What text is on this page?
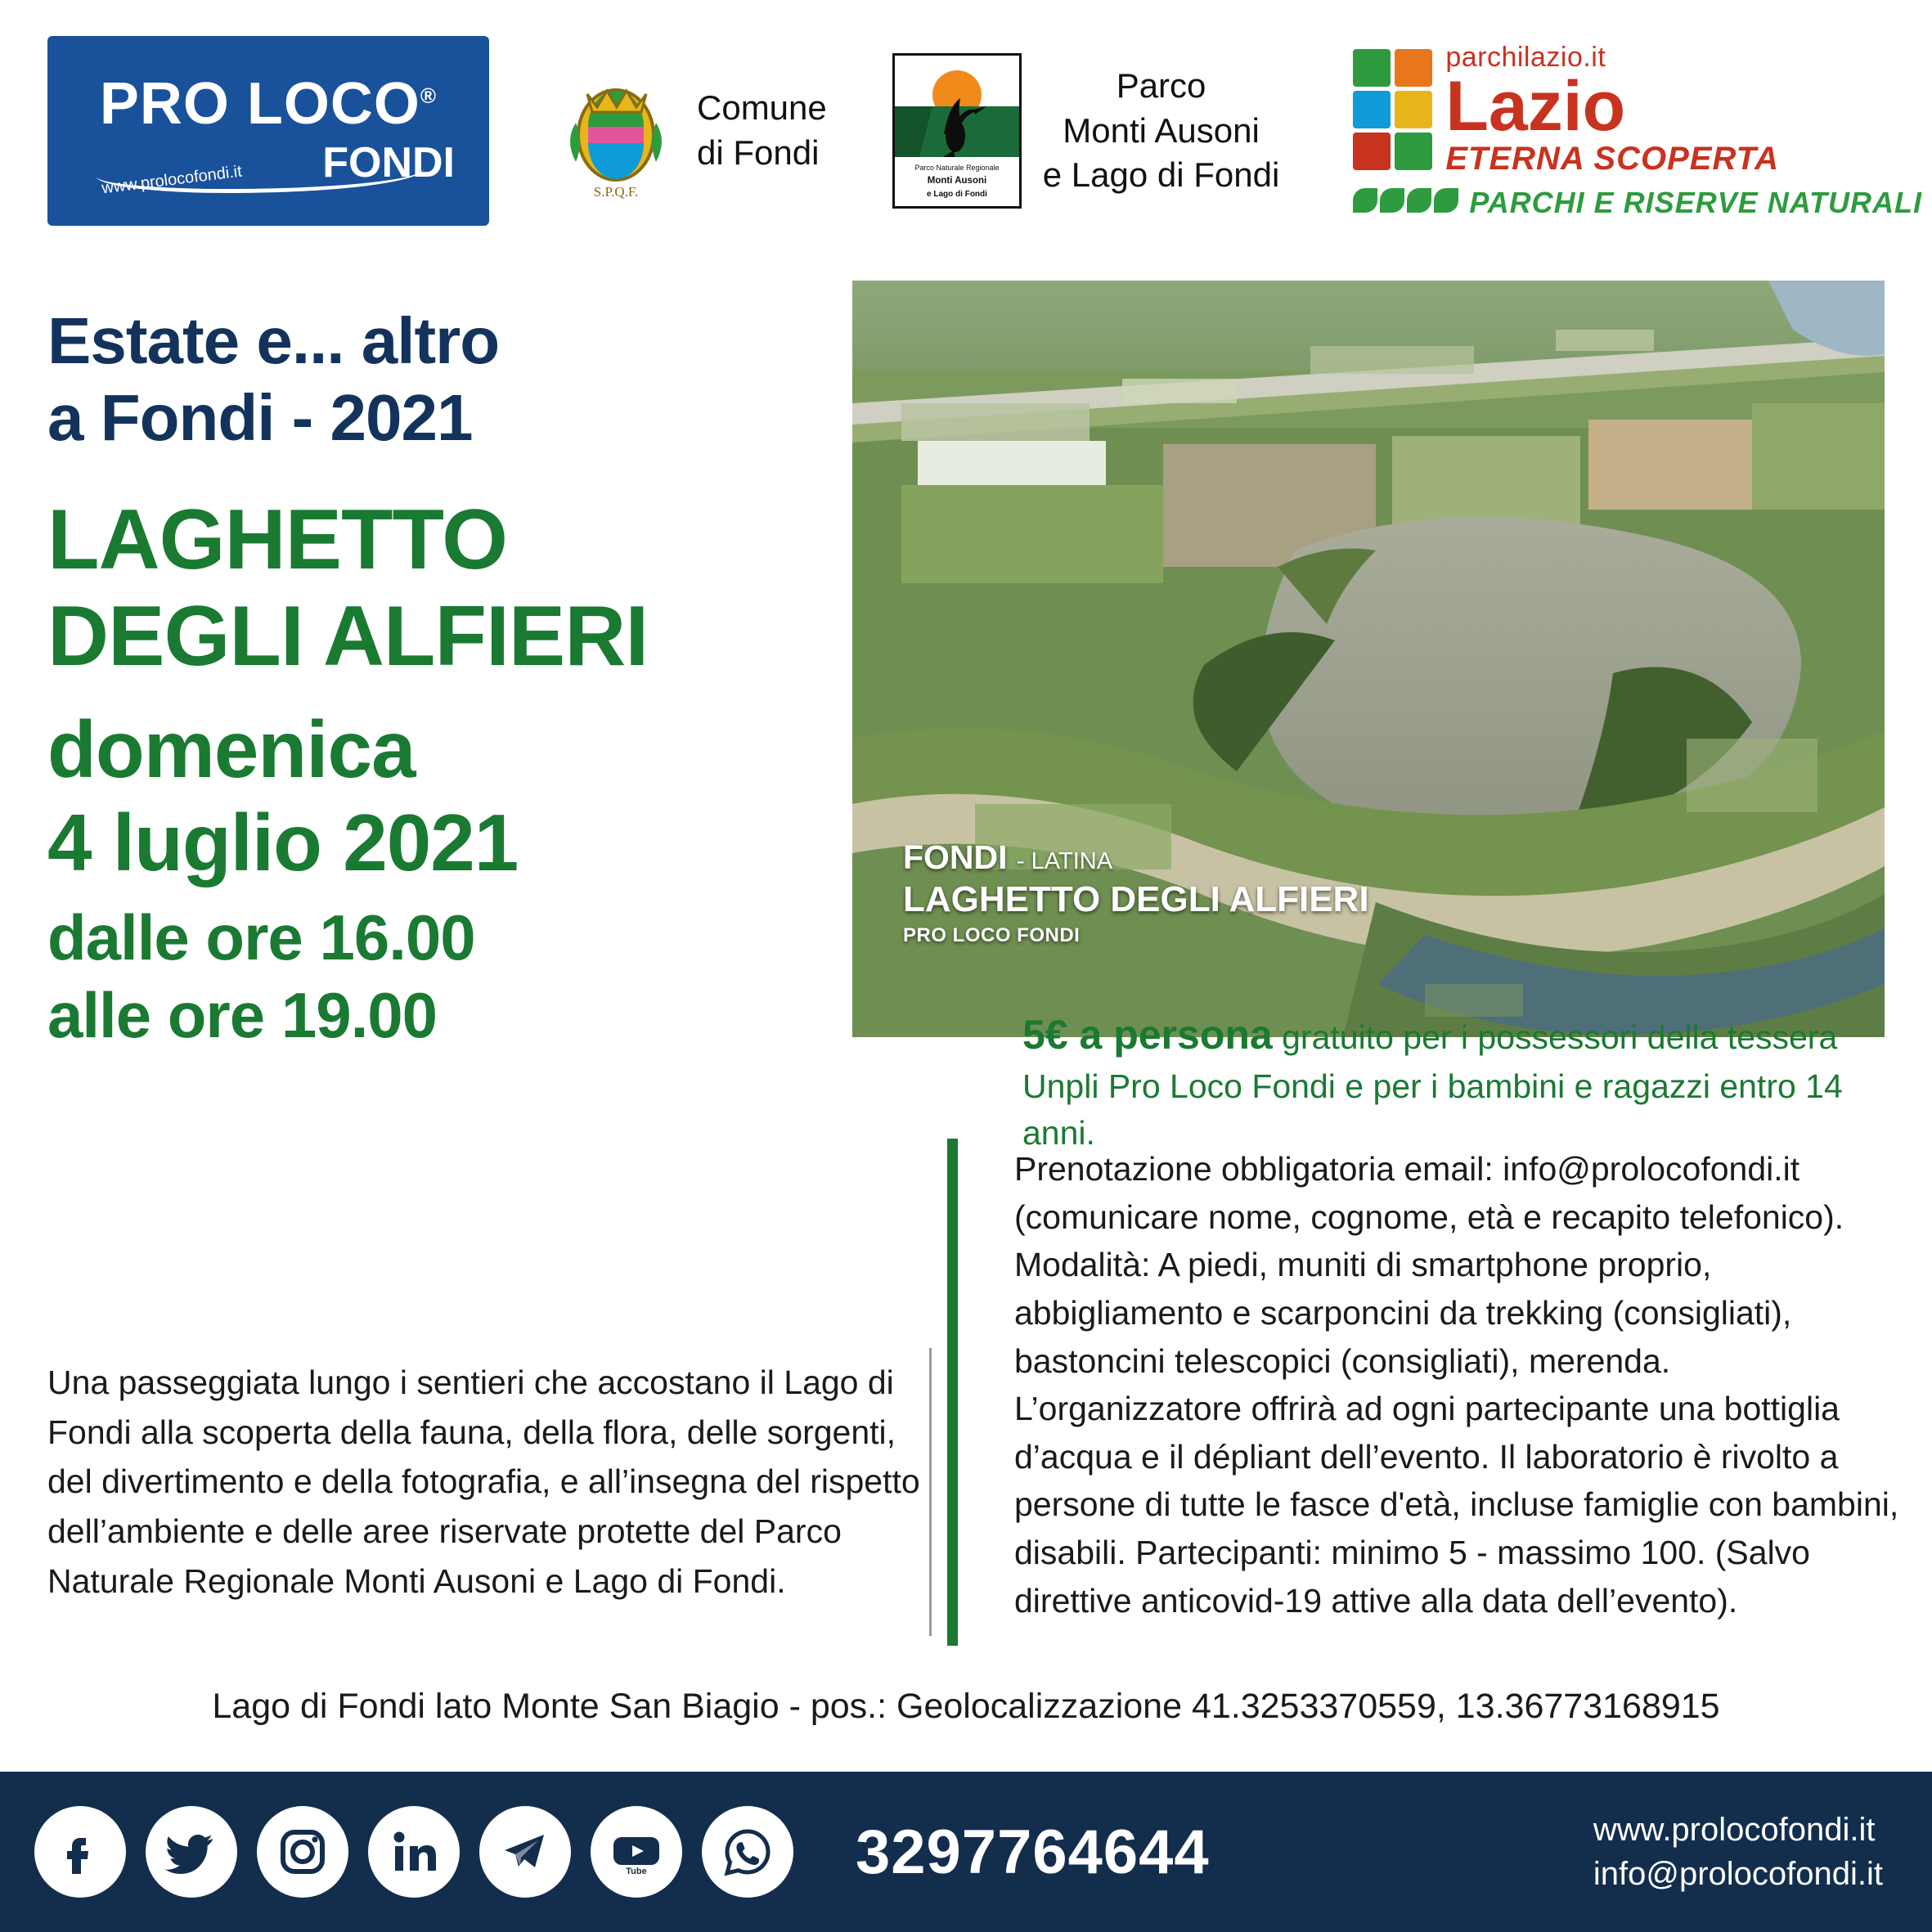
PRO LOCO®
FONDI
www.prolocofondi.it	S.P.Q.F.
Comune
di Fondi	Parco Naturale Regionale
Monti Ausoni
e Lago di Fondi
Parco
Monti Ausoni
e Lago di Fondi
parchilazio.it
Lazio
ETERNA SCOPERTA
PARCHI E RISERVE NATURALI
Estate e... altro
a Fondi - 2021
LAGHETTO
DEGLI ALFIERI
domenica
4 luglio 2021
dalle ore 16.00
alle ore 19.00
Una passeggiata lungo i sentieri che accostano il Lago di Fondi alla scoperta della fauna, della flora, delle sorgenti, del divertimento e della fotografia, e all’insegna del rispetto dell’ambiente e delle aree riservate protette del Parco Naturale Regionale Monti Ausoni e Lago di Fondi.
FONDI - LATINA
LAGHETTO DEGLI ALFIERI
PRO LOCO FONDI
5€ a persona gratuito per i possessori della tessera Unpli Pro Loco Fondi e per i bambini e ragazzi entro 14 anni.
Prenotazione obbligatoria email: info@prolocofondi.it (comunicare nome, cognome, età e recapito telefonico). Modalità: A piedi, muniti di smartphone proprio, abbigliamento e scarponcini da trekking (consigliati), bastoncini telescopici (consigliati), merenda. L’organizzatore offrirà ad ogni partecipante una bottiglia d’acqua e il dépliant dell’evento. Il laboratorio è rivolto a persone di tutte le fasce d'età, incluse famiglie con bambini, disabili. Partecipanti: minimo 5 - massimo 100. (Salvo direttive anticovid-19 attive alla data dell’evento).
Lago di Fondi lato Monte San Biagio - pos.: Geolocalizzazione 41.3253370559, 13.36773168915
Tube	3297764644	www.prolocofondi.it
info@prolocofondi.it
